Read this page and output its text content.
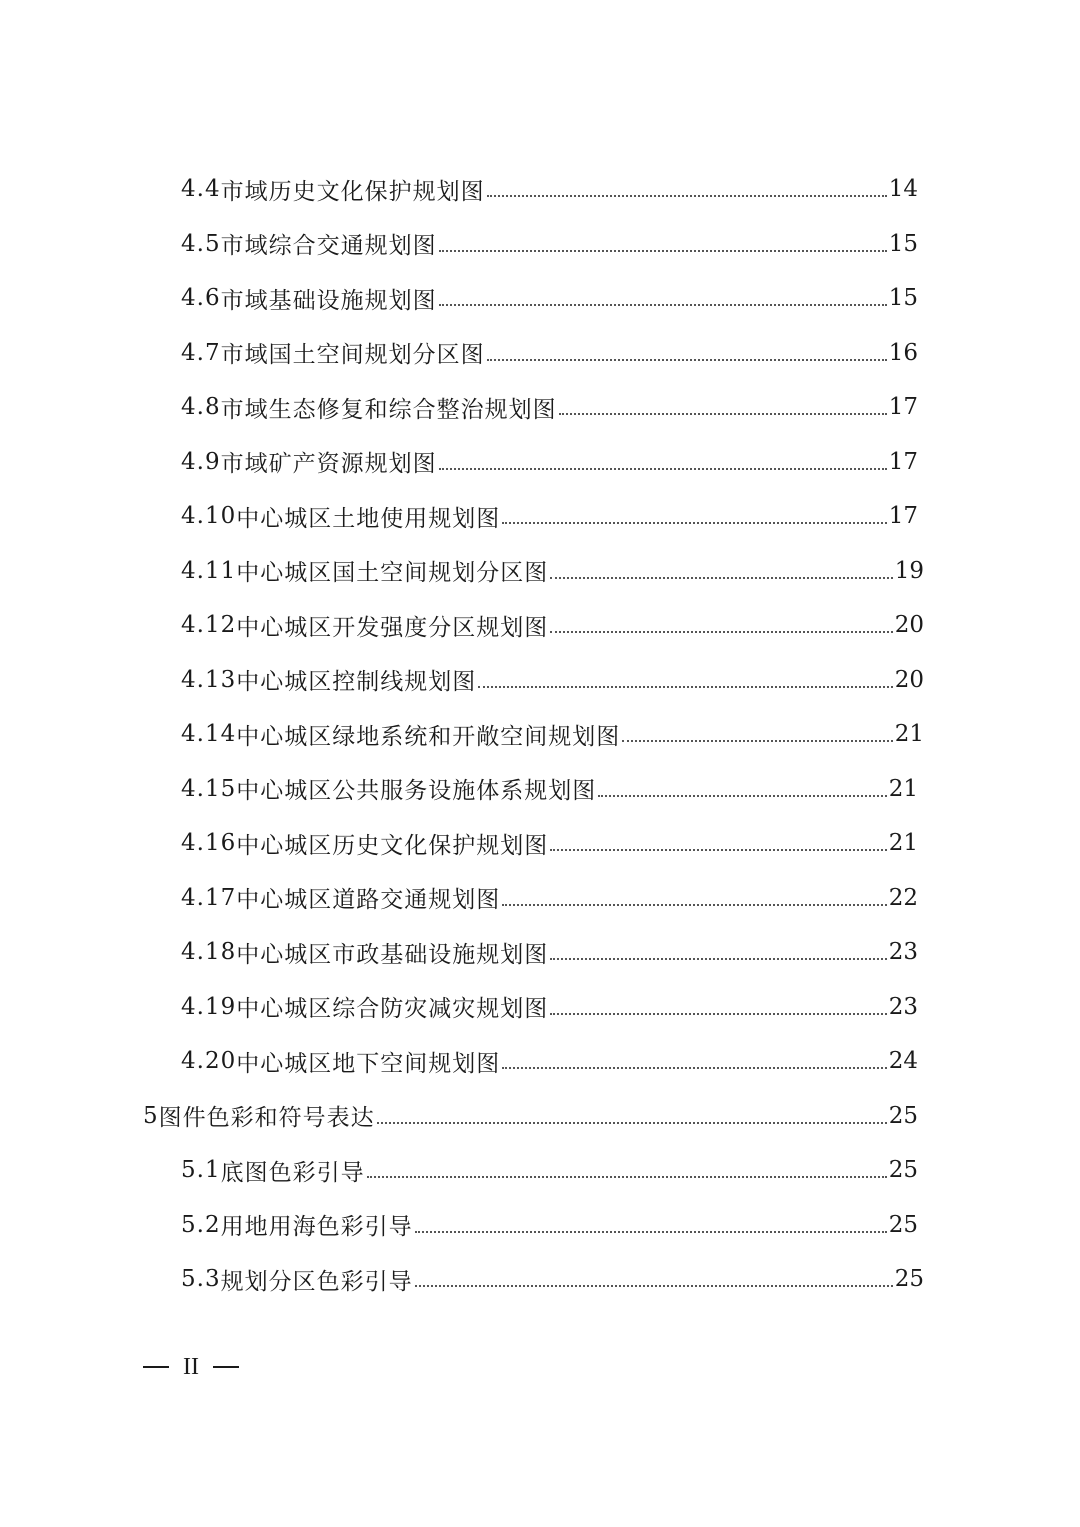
4.4 市域历史文化保护规划图	14
4.5 市域综合交通规划图	15
4.6 市域基础设施规划图	15
4.7 市域国土空间规划分区图	16
4.8 市域生态修复和综合整治规划图	17
4.9 市域矿产资源规划图	17
4.10 中心城区土地使用规划图	17
4.11 中心城区国土空间规划分区图	19
4.12 中心城区开发强度分区规划图	20
4.13 中心城区控制线规划图	20
4.14 中心城区绿地系统和开敞空间规划图	21
4.15 中心城区公共服务设施体系规划图	21
4.16 中心城区历史文化保护规划图	21
4.17 中心城区道路交通规划图	22
4.18 中心城区市政基础设施规划图	23
4.19 中心城区综合防灾减灾规划图	23
4.20 中心城区地下空间规划图	24
5 图件色彩和符号表达	25
5.1 底图色彩引导	25
5.2 用地用海色彩引导	25
5.3 规划分区色彩引导	25
II
